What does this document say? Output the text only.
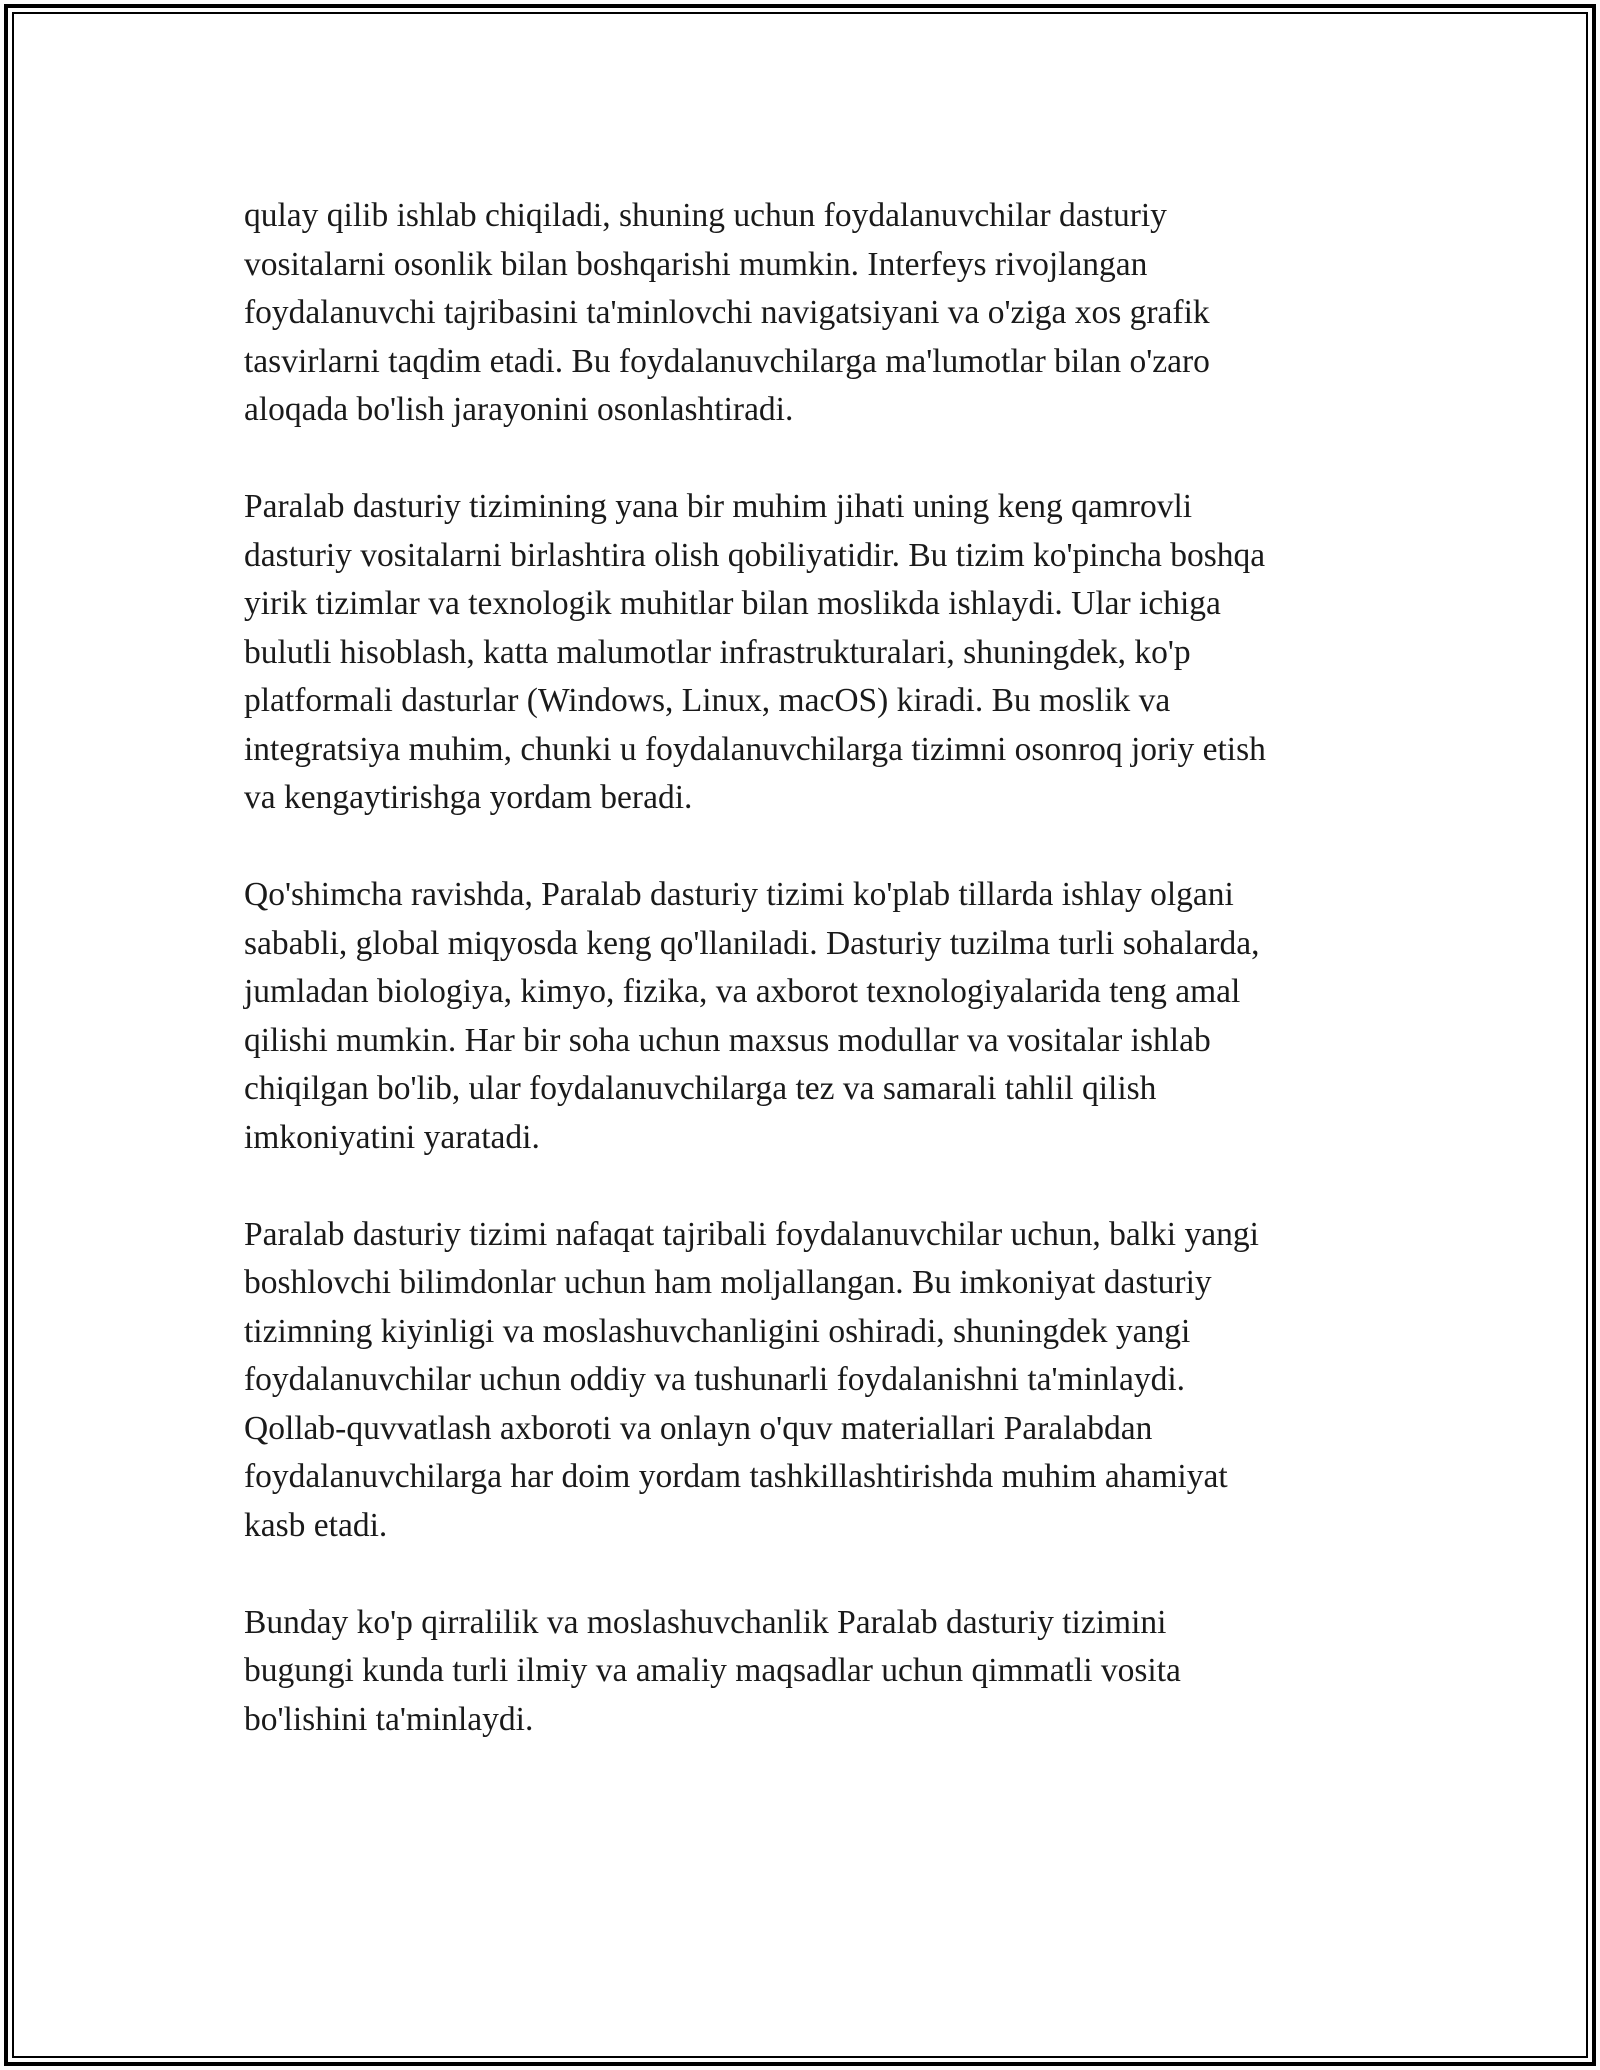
qulay qilib ishlab chiqiladi, shuning uchun foydalanuvchilar dasturiy
vositalarni osonlik bilan boshqarishi mumkin. Interfeys rivojlangan
foydalanuvchi tajribasini ta'minlovchi navigatsiyani va o'ziga xos grafik
tasvirlarni taqdim etadi. Bu foydalanuvchilarga ma'lumotlar bilan o'zaro
aloqada bo'lish jarayonini osonlashtiradi.

Paralab dasturiy tizimining yana bir muhim jihati uning keng qamrovli
dasturiy vositalarni birlashtira olish qobiliyatidir. Bu tizim ko'pincha boshqa
yirik tizimlar va texnologik muhitlar bilan moslikda ishlaydi. Ular ichiga
bulutli hisoblash, katta malumotlar infrastrukturalari, shuningdek, ko'p
platformali dasturlar (Windows, Linux, macOS) kiradi. Bu moslik va
integratsiya muhim, chunki u foydalanuvchilarga tizimni osonroq joriy etish
va kengaytirishga yordam beradi.

Qo'shimcha ravishda, Paralab dasturiy tizimi ko'plab tillarda ishlay olgani
sababli, global miqyosda keng qo'llaniladi. Dasturiy tuzilma turli sohalarda,
jumladan biologiya, kimyo, fizika, va axborot texnologiyalarida teng amal
qilishi mumkin. Har bir soha uchun maxsus modullar va vositalar ishlab
chiqilgan bo'lib, ular foydalanuvchilarga tez va samarali tahlil qilish
imkoniyatini yaratadi.

Paralab dasturiy tizimi nafaqat tajribali foydalanuvchilar uchun, balki yangi
boshlovchi bilimdonlar uchun ham moljallangan. Bu imkoniyat dasturiy
tizimning kiyinligi va moslashuvchanligini oshiradi, shuningdek yangi
foydalanuvchilar uchun oddiy va tushunarli foydalanishni ta'minlaydi.
Qollab-quvvatlash axboroti va onlayn o'quv materiallari Paralabdan
foydalanuvchilarga har doim yordam tashkillashtirishda muhim ahamiyat
kasb etadi.

Bunday ko'p qirralilik va moslashuvchanlik Paralab dasturiy tizimini
bugungi kunda turli ilmiy va amaliy maqsadlar uchun qimmatli vosita
bo'lishini ta'minlaydi.
